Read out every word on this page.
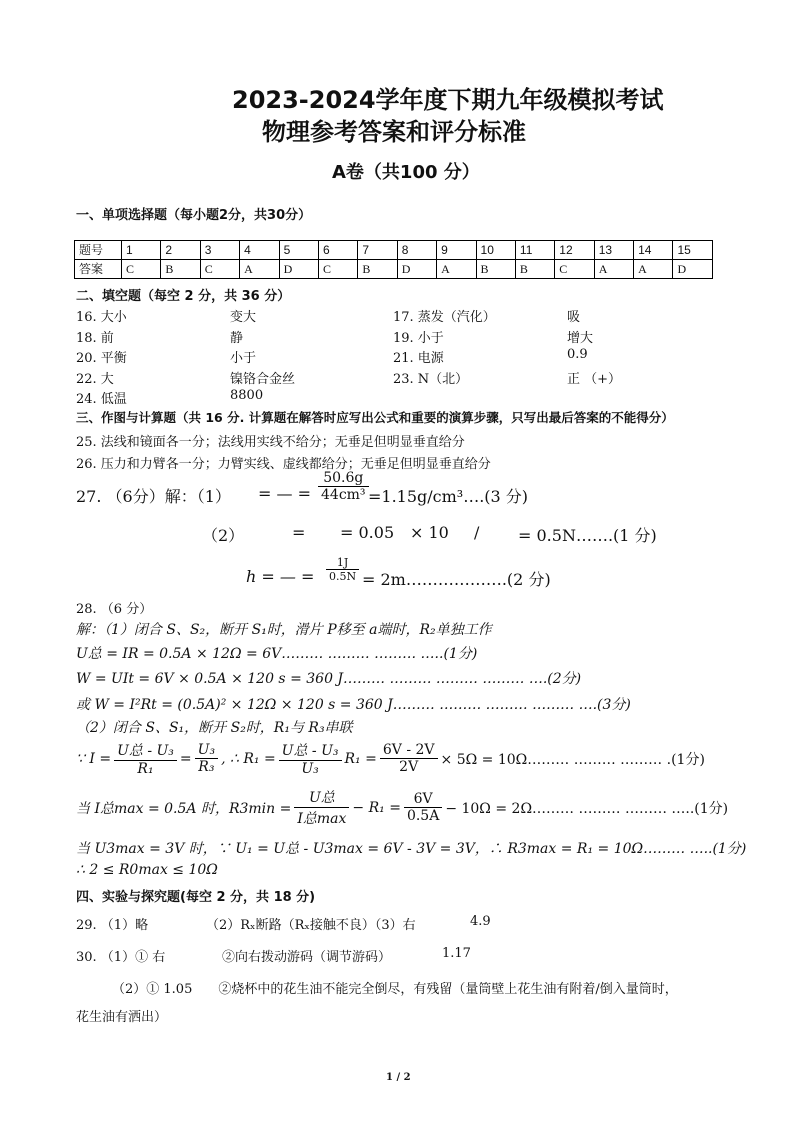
2023-2024学年度下期九年级模拟考试
物理参考答案和评分标准
A卷（共100 分）
一、单项选择题（每小题2分，共30分）
题号	1	2	3	4	5	6	7	8	9	10	11	12	13	14	15
答案	C	B	C	A	D	C	B	D	A	B	B	C	A	A	D
二、填空题（每空 2 分，共 36 分）
16. 大小	变大	17. 蒸发（汽化）	吸
18. 前	静	19. 小于	增大
20. 平衡	小于	21. 电源	0.9
22. 大	镍铬合金丝	23. N（北）	正 （+）
24. 低温	8800
三、作图与计算题（共 16 分. 计算题在解答时应写出公式和重要的演算步骤，只写出最后答案的不能得分）
25. 法线和镜面各一分；法线用实线不给分；无垂足但明显垂直给分
26. 压力和力臂各一分；力臂实线、虚线都给分；无垂足但明显垂直给分
27. （6分）解：（1） = — = $\frac{50.6g}{\text{44cm³}}$ =1.15g/cm³….(3 分)
（2）	= = 0.05 × 10 / = 0.5N…….(1 分)
h = — = $\frac{1J}{0.5N}$ = 2m……………….(2 分)
28. （6 分）
解：（1）闭合 S、S₂，断开 S₁时，滑片 P移至 a端时，R₂单独工作
U总 = IR = 0.5A × 12Ω = 6V……… ……… ……… …..(1分)
W = UIt = 6V × 0.5A × 120 s = 360 J……… ……… ……… ……… ….(2分)
或 W = I²Rt = (0.5A)² × 12Ω × 120 s = 360 J……… ……… ……… ……… ….(3分)
（2）闭合 S、S₁，断开 S₂时，R₁与 R₃串联
∵ $I = \frac{\text{U总 - U₃}}{\text{R₁}} = \frac{\text{U₃}}{\text{R₃}}$ , ∴ $R_1 = \frac{\text{U总 - U₃}}{\text{U₃}} R_1 = \frac{6V - 2V}{2V} \times 5\Omega$ = 10Ω……… ……… ……… .(1分)
当 I总max = 0.5A 时，$R3\min = \frac{\text{U总}}{\text{I总max}} - R_1 = \frac{6V}{0.5A} - 10\Omega$ = 2Ω……… ……… ……… …..(1分)
当 U3max = 3V 时，∵ U₁ = U总 - U3max = 6V - 3V = 3V，∴ R3max = R₁ = 10Ω……… …..(1分)
∴ 2 ≤ R0max ≤ 10Ω
四、实验与探究题(每空 2 分，共 18 分)
29. （1）略	（2）Rₓ断路（Rₓ接触不良）（3）右	4.9
30. （1）① 右	②向右拨动游码（调节游码）	1.17
（2）① 1.05　　②烧杯中的花生油不能完全倒尽，有残留（量筒壁上花生油有附着/倒入量筒时，
花生油有洒出）
1 / 2
